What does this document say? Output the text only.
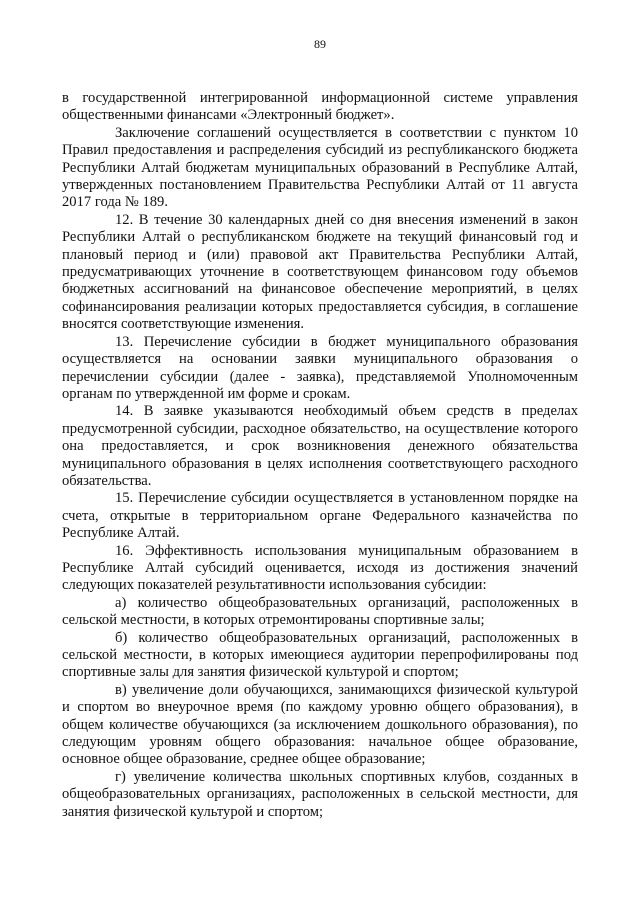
89

в государственной интегрированной информационной системе управления общественными финансами «Электронный бюджет».

Заключение соглашений осуществляется в соответствии с пунктом 10 Правил предоставления и распределения субсидий из республиканского бюджета Республики Алтай бюджетам муниципальных образований в Республике Алтай, утвержденных постановлением Правительства Республики Алтай от 11 августа 2017 года № 189.

12. В течение 30 календарных дней со дня внесения изменений в закон Республики Алтай о республиканском бюджете на текущий финансовый год и плановый период и (или) правовой акт Правительства Республики Алтай, предусматривающих уточнение в соответствующем финансовом году объемов бюджетных ассигнований на финансовое обеспечение мероприятий, в целях софинансирования реализации которых предоставляется субсидия, в соглашение вносятся соответствующие изменения.

13. Перечисление субсидии в бюджет муниципального образования осуществляется на основании заявки муниципального образования о перечислении субсидии (далее - заявка), представляемой Уполномоченным органам по утвержденной им форме и срокам.

14. В заявке указываются необходимый объем средств в пределах предусмотренной субсидии, расходное обязательство, на осуществление которого она предоставляется, и срок возникновения денежного обязательства муниципального образования в целях исполнения соответствующего расходного обязательства.

15. Перечисление субсидии осуществляется в установленном порядке на счета, открытые в территориальном органе Федерального казначейства по Республике Алтай.

16. Эффективность использования муниципальным образованием в Республике Алтай субсидий оценивается, исходя из достижения значений следующих показателей результативности использования субсидии:

а) количество общеобразовательных организаций, расположенных в сельской местности, в которых отремонтированы спортивные залы;

б) количество общеобразовательных организаций, расположенных в сельской местности, в которых имеющиеся аудитории перепрофилированы под спортивные залы для занятия физической культурой и спортом;

в) увеличение доли обучающихся, занимающихся физической культурой и спортом во внеурочное время (по каждому уровню общего образования), в общем количестве обучающихся (за исключением дошкольного образования), по следующим уровням общего образования: начальное общее образование, основное общее образование, среднее общее образование;

г) увеличение количества школьных спортивных клубов, созданных в общеобразовательных организациях, расположенных в сельской местности, для занятия физической культурой и спортом;
